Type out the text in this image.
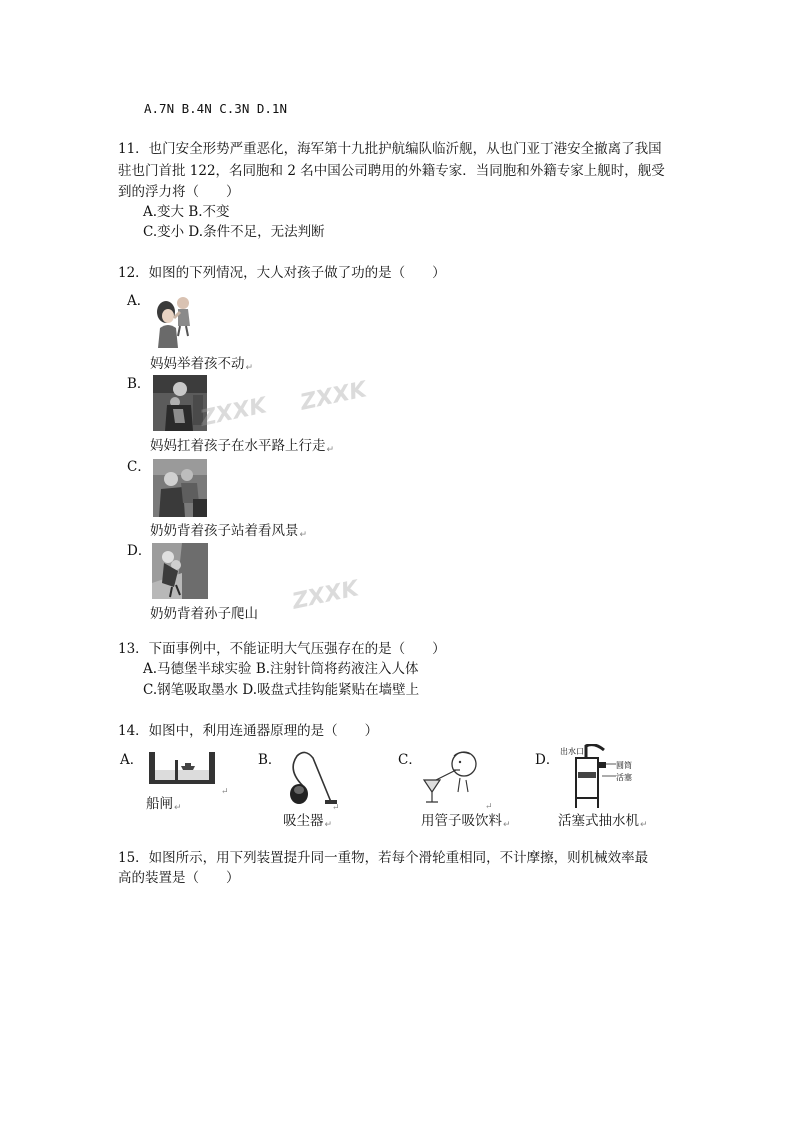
A.7N B.4N C.3N D.1N
11．也门安全形势严重恶化，海军第十九批护航编队临沂舰，从也门亚丁港安全撤离了我国
驻也门首批 122，名同胞和 2 名中国公司聘用的外籍专家．当同胞和外籍专家上舰时，舰受
到的浮力将（　　）
A.变大 B.不变
C.变小 D.条件不足，无法判断
12．如图的下列情况，大人对孩子做了功的是（　　）
A．
妈妈举着孩不动↵
B．
妈妈扛着孩子在水平路上行走↵
C．
奶奶背着孩子站着看风景↵
D．
奶奶背着孙子爬山
ZXXK ZXXK
ZXXK
13．下面事例中，不能证明大气压强存在的是（　　）
A.马德堡半球实验 B.注射针筒将药液注入人体
C.钢笔吸取墨水 D.吸盘式挂钩能紧贴在墙壁上
14．如图中，利用连通器原理的是（　　）
A．
↵
船闸↵
B．
↵
吸尘器↵
C．
↵
用管子吸饮料↵
D．
出水口
圆筒
活塞
活塞式抽水机↵
15．如图所示，用下列装置提升同一重物，若每个滑轮重相同，不计摩擦，则机械效率最
高的装置是（　　）
